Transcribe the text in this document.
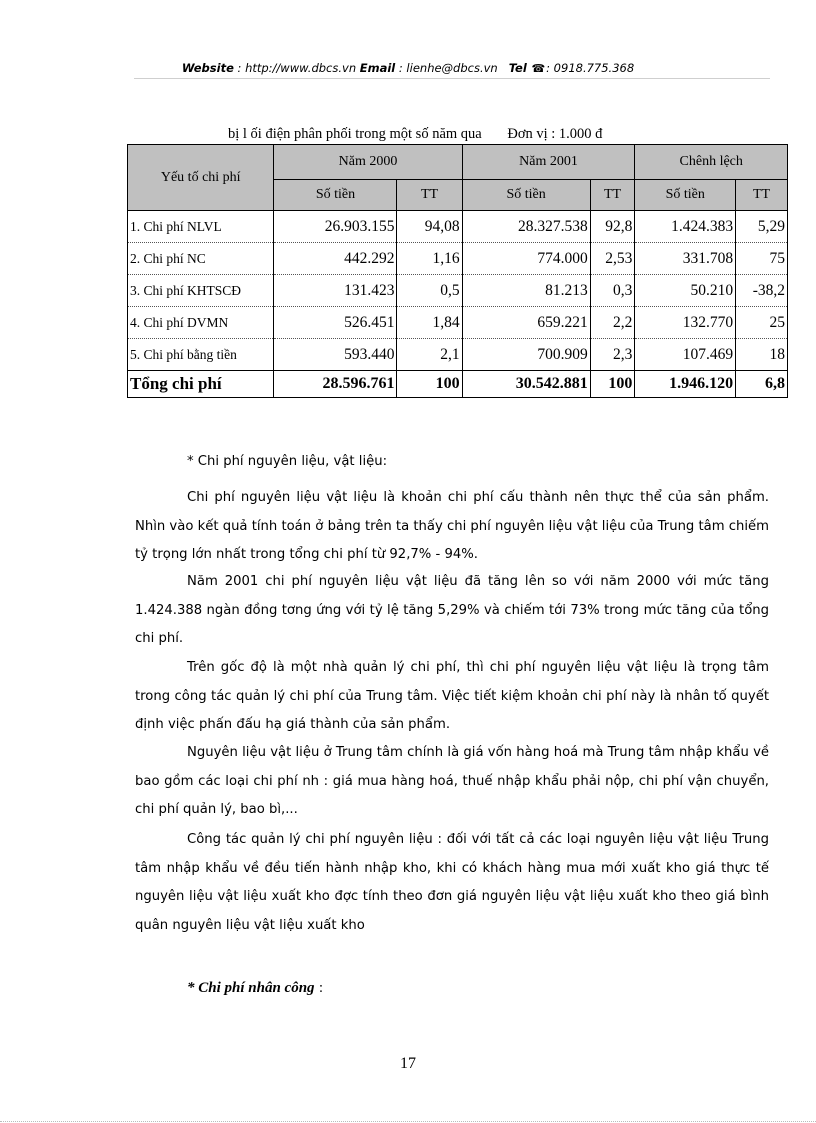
Website : http://www.dbcs.vn Email : lienhe@dbcs.vn Tel ☎: 0918.775.368
bị l ối điện phân phối trong một số năm qua Đơn vị : 1.000 đ
Yếu tố chi phí	Năm 2000		Năm 2001		Chênh lệch	
	Số tiền	TT	Số tiền	TT	Số tiền	TT
1. Chi phí NLVL	26.903.155	94,08	28.327.538	92,8	1.424.383	5,29
2. Chi phí NC	442.292	1,16	774.000	2,53	331.708	75
3. Chi phí KHTSCĐ	131.423	0,5	81.213	0,3	50.210	-38,2
4. Chi phí DVMN	526.451	1,84	659.221	2,2	132.770	25
5. Chi phí bằng tiền	593.440	2,1	700.909	2,3	107.469	18
Tổng chi phí	28.596.761	100	30.542.881	100	1.946.120	6,8

* Chi phí nguyên liệu, vật liệu:

Chi phí nguyên liệu vật liệu là khoản chi phí cấu thành nên thực thể của sản phẩm. Nhìn vào kết quả tính toán ở bảng trên ta thấy chi phí nguyên liệu vật liệu của Trung tâm chiếm tỷ trọng lớn nhất trong tổng chi phí từ 92,7% - 94%.

Năm 2001 chi phí nguyên liệu vật liệu đã tăng lên so với năm 2000 với mức tăng 1.424.388 ngàn đồng tơng ứng với tỷ lệ tăng 5,29% và chiếm tới 73% trong mức tăng của tổng chi phí.

Trên gốc độ là một nhà quản lý chi phí, thì chi phí nguyên liệu vật liệu là trọng tâm trong công tác quản lý chi phí của Trung tâm. Việc tiết kiệm khoản chi phí này là nhân tố quyết định việc phấn đấu hạ giá thành của sản phẩm.

Nguyên liệu vật liệu ở Trung tâm chính là giá vốn hàng hoá mà Trung tâm nhập khẩu về bao gồm các loại chi phí nh : giá mua hàng hoá, thuế nhập khẩu phải nộp, chi phí vận chuyển, chi phí quản lý, bao bì,...

Công tác quản lý chi phí nguyên liệu : đối với tất cả các loại nguyên liệu vật liệu Trung tâm nhập khẩu về đều tiến hành nhập kho, khi có khách hàng mua mới xuất kho giá thực tế nguyên liệu vật liệu xuất kho đợc tính theo đơn giá nguyên liệu vật liệu xuất kho theo giá bình quân nguyên liệu vật liệu xuất kho

* Chi phí nhân công :

17
